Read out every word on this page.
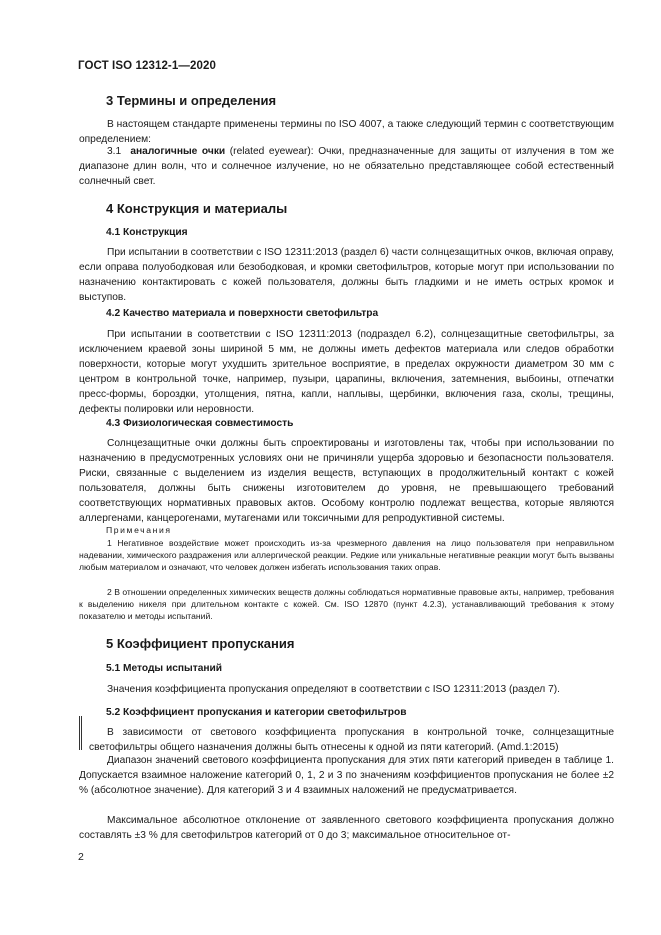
ГОСТ ISO 12312-1—2020
3 Термины и определения
В настоящем стандарте применены термины по ISO 4007, а также следующий термин с соответствующим определением:
3.1 аналогичные очки (related eyewear): Очки, предназначенные для защиты от излучения в том же диапазоне длин волн, что и солнечное излучение, но не обязательно представляющее собой естественный солнечный свет.
4 Конструкция и материалы
4.1 Конструкция
При испытании в соответствии с ISO 12311:2013 (раздел 6) части солнцезащитных очков, включая оправу, если оправа полуободковая или безободковая, и кромки светофильтров, которые могут при использовании по назначению контактировать с кожей пользователя, должны быть гладкими и не иметь острых кромок и выступов.
4.2 Качество материала и поверхности светофильтра
При испытании в соответствии с ISO 12311:2013 (подраздел 6.2), солнцезащитные светофильтры, за исключением краевой зоны шириной 5 мм, не должны иметь дефектов материала или следов обработки поверхности, которые могут ухудшить зрительное восприятие, в пределах окружности диаметром 30 мм с центром в контрольной точке, например, пузыри, царапины, включения, затемнения, выбоины, отпечатки пресс-формы, бороздки, утолщения, пятна, капли, наплывы, щербинки, включения газа, сколы, трещины, дефекты полировки или неровности.
4.3 Физиологическая совместимость
Солнцезащитные очки должны быть спроектированы и изготовлены так, чтобы при использовании по назначению в предусмотренных условиях они не причиняли ущерба здоровью и безопасности пользователя. Риски, связанные с выделением из изделия веществ, вступающих в продолжительный контакт с кожей пользователя, должны быть снижены изготовителем до уровня, не превышающего требований соответствующих нормативных правовых актов. Особому контролю подлежат вещества, которые являются аллергенами, канцерогенами, мутагенами или токсичными для репродуктивной системы.
Примечания
1 Негативное воздействие может происходить из-за чрезмерного давления на лицо пользователя при неправильном надевании, химического раздражения или аллергической реакции. Редкие или уникальные негативные реакции могут быть вызваны любым материалом и означают, что человек должен избегать использования таких оправ.
2 В отношении определенных химических веществ должны соблюдаться нормативные правовые акты, например, требования к выделению никеля при длительном контакте с кожей. См. ISO 12870 (пункт 4.2.3), устанавливающий требования к этому показателю и методы испытаний.
5 Коэффициент пропускания
5.1 Методы испытаний
Значения коэффициента пропускания определяют в соответствии с ISO 12311:2013 (раздел 7).
5.2 Коэффициент пропускания и категории светофильтров
В зависимости от светового коэффициента пропускания в контрольной точке, солнцезащитные светофильтры общего назначения должны быть отнесены к одной из пяти категорий. (Amd.1:2015)
Диапазон значений светового коэффициента пропускания для этих пяти категорий приведен в таблице 1. Допускается взаимное наложение категорий 0, 1, 2 и 3 по значениям коэффициентов пропускания не более ±2 % (абсолютное значение). Для категорий 3 и 4 взаимных наложений не предусматривается.
Максимальное абсолютное отклонение от заявленного светового коэффициента пропускания должно составлять ±3 % для светофильтров категорий от 0 до 3; максимальное относительное от-
2
